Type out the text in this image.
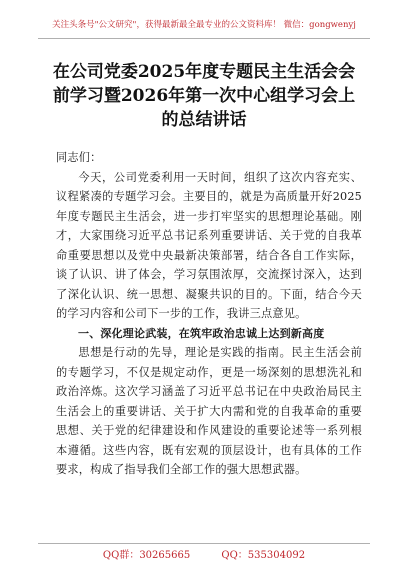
关注头条号"公文研究"，获得最新最全最专业的公文资料库！ 微信：gongwenyj
在公司党委2025年度专题民主生活会会
前学习暨2026年第一次中心组学习会上
的总结讲话

同志们：

今天，公司党委利用一天时间，组织了这次内容充实、议程紧凑的专题学习会。主要目的，就是为高质量开好2025年度专题民主生活会，进一步打牢坚实的思想理论基础。刚才，大家围绕习近平总书记系列重要讲话、关于党的自我革命重要思想以及党中央最新决策部署，结合各自工作实际，谈了认识、讲了体会，学习氛围浓厚，交流探讨深入，达到了深化认识、统一思想、凝聚共识的目的。下面，结合今天的学习内容和公司下一步的工作，我讲三点意见。

一、深化理论武装，在筑牢政治忠诚上达到新高度

思想是行动的先导，理论是实践的指南。民主生活会前的专题学习，不仅是规定动作，更是一场深刻的思想洗礼和政治淬炼。这次学习涵盖了习近平总书记在中央政治局民主生活会上的重要讲话、关于扩大内需和党的自我革命的重要思想、关于党的纪律建设和作风建设的重要论述等一系列根本遵循。这些内容，既有宏观的顶层设计，也有具体的工作要求，构成了指导我们全部工作的强大思想武器。

QQ群：30265665	QQ：535304092
